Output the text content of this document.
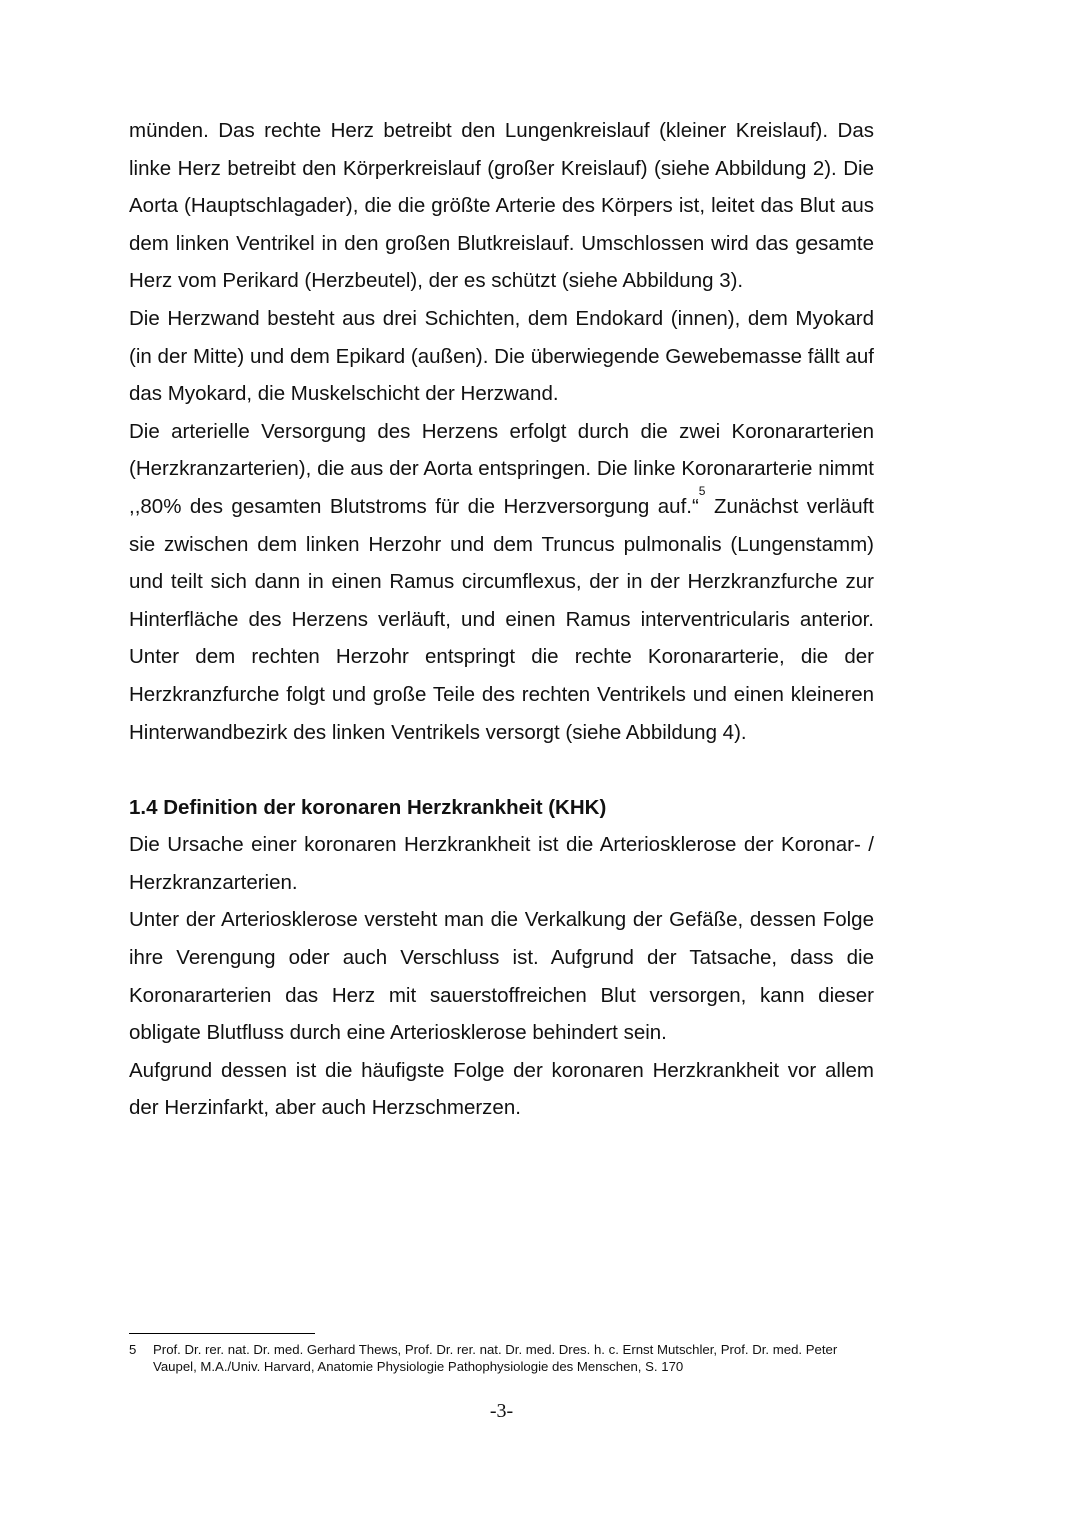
münden. Das rechte Herz betreibt den Lungenkreislauf (kleiner Kreislauf). Das linke Herz betreibt den Körperkreislauf (großer Kreislauf) (siehe Abbildung 2). Die Aorta (Hauptschlagader), die die größte Arterie des Körpers ist, leitet das Blut aus dem linken Ventrikel in den großen Blutkreislauf. Umschlossen wird das gesamte Herz vom Perikard (Herzbeutel), der es schützt (siehe Abbildung 3).

Die Herzwand besteht aus drei Schichten, dem Endokard (innen), dem Myokard (in der Mitte) und dem Epikard (außen). Die überwiegende Gewebemasse fällt auf das Myokard, die Muskelschicht der Herzwand.

Die arterielle Versorgung des Herzens erfolgt durch die zwei Koronararterien (Herzkranzarterien), die aus der Aorta entspringen. Die linke Koronararterie nimmt ,,80% des gesamten Blutstroms für die Herzversorgung auf.“$^5$ Zunächst verläuft sie zwischen dem linken Herzohr und dem Truncus pulmonalis (Lungenstamm) und teilt sich dann in einen Ramus circumflexus, der in der Herzkranzfurche zur Hinterfläche des Herzens verläuft, und einen Ramus interventricularis anterior. Unter dem rechten Herzohr entspringt die rechte Koronararterie, die der Herzkranzfurche folgt und große Teile des rechten Ventrikels und einen kleineren Hinterwandbezirk des linken Ventrikels versorgt (siehe Abbildung 4).

1.4 Definition der koronaren Herzkrankheit (KHK)

Die Ursache einer koronaren Herzkrankheit ist die Arteriosklerose der Koronar- / Herzkranzarterien.

Unter der Arteriosklerose versteht man die Verkalkung der Gefäße, dessen Folge ihre Verengung oder auch Verschluss ist. Aufgrund der Tatsache, dass die Koronararterien das Herz mit sauerstoffreichen Blut versorgen, kann dieser obligate Blutfluss durch eine Arteriosklerose behindert sein.

Aufgrund dessen ist die häufigste Folge der koronaren Herzkrankheit vor allem der Herzinfarkt, aber auch Herzschmerzen.

5 Prof. Dr. rer. nat. Dr. med. Gerhard Thews, Prof. Dr. rer. nat. Dr. med. Dres. h. c. Ernst Mutschler, Prof. Dr. med. Peter Vaupel, M.A./Univ. Harvard, Anatomie Physiologie Pathophysiologie des Menschen, S. 170
-3-
